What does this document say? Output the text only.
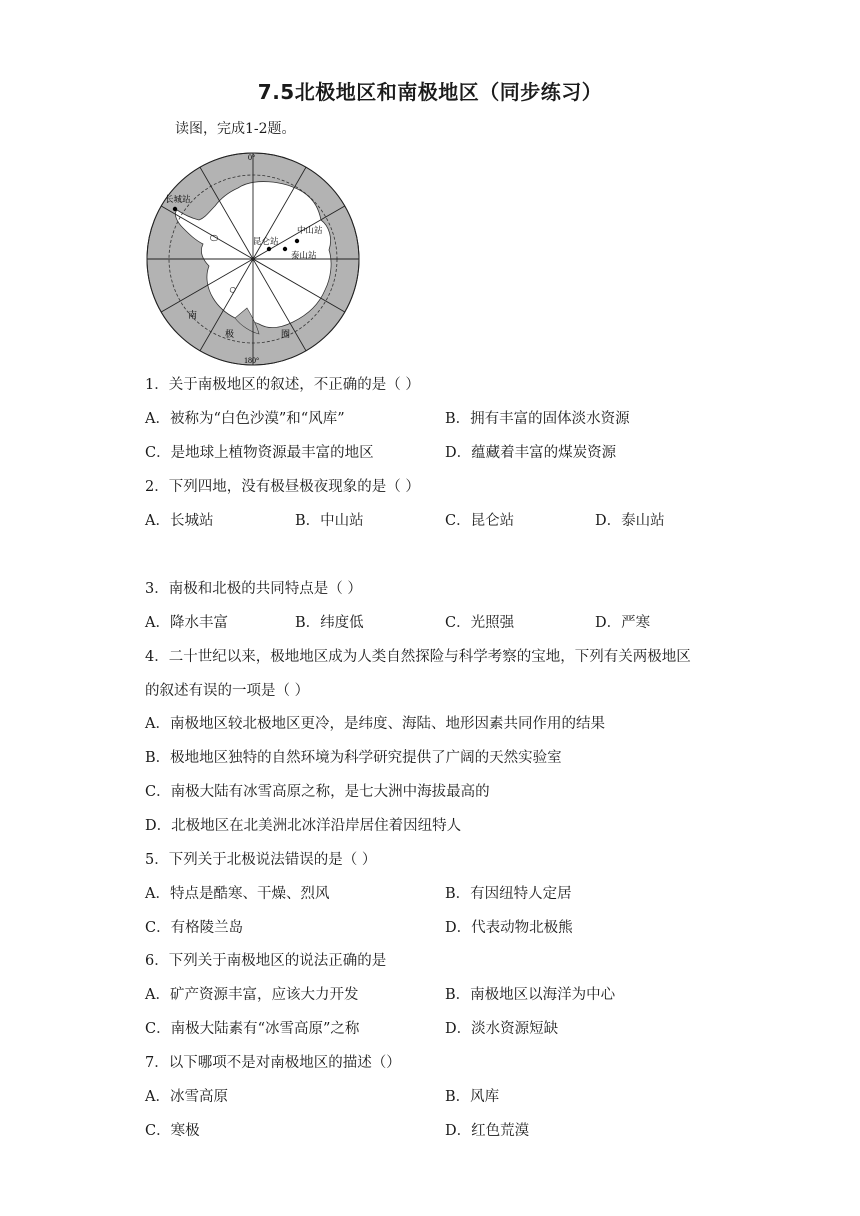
7.5北极地区和南极地区（同步练习）
读图，完成1-2题。
0°
180°
长城站
昆仑站
中山站
泰山站
南
极	圈
1．关于南极地区的叙述，不正确的是（ ）
A．被称为“白色沙漠”和“风库”	B．拥有丰富的固体淡水资源
C．是地球上植物资源最丰富的地区	D．蕴藏着丰富的煤炭资源
2．下列四地，没有极昼极夜现象的是（ ）
A．长城站	B．中山站	C．昆仑站	D．泰山站
3．南极和北极的共同特点是（ ）
A．降水丰富	B．纬度低	C．光照强	D．严寒
4．二十世纪以来，极地地区成为人类自然探险与科学考察的宝地，下列有关两极地区
的叙述有误的一项是（ ）
A．南极地区较北极地区更冷，是纬度、海陆、地形因素共同作用的结果
B．极地地区独特的自然环境为科学研究提供了广阔的天然实验室
C．南极大陆有冰雪高原之称，是七大洲中海拔最高的
D．北极地区在北美洲北冰洋沿岸居住着因纽特人
5．下列关于北极说法错误的是（ ）
A．特点是酷寒、干燥、烈风	B．有因纽特人定居
C．有格陵兰岛	D．代表动物北极熊
6．下列关于南极地区的说法正确的是
A．矿产资源丰富，应该大力开发	B．南极地区以海洋为中心
C．南极大陆素有“冰雪高原”之称	D．淡水资源短缺
7．以下哪项不是对南极地区的描述（）
A．冰雪高原	B．风库
C．寒极	D．红色荒漠
